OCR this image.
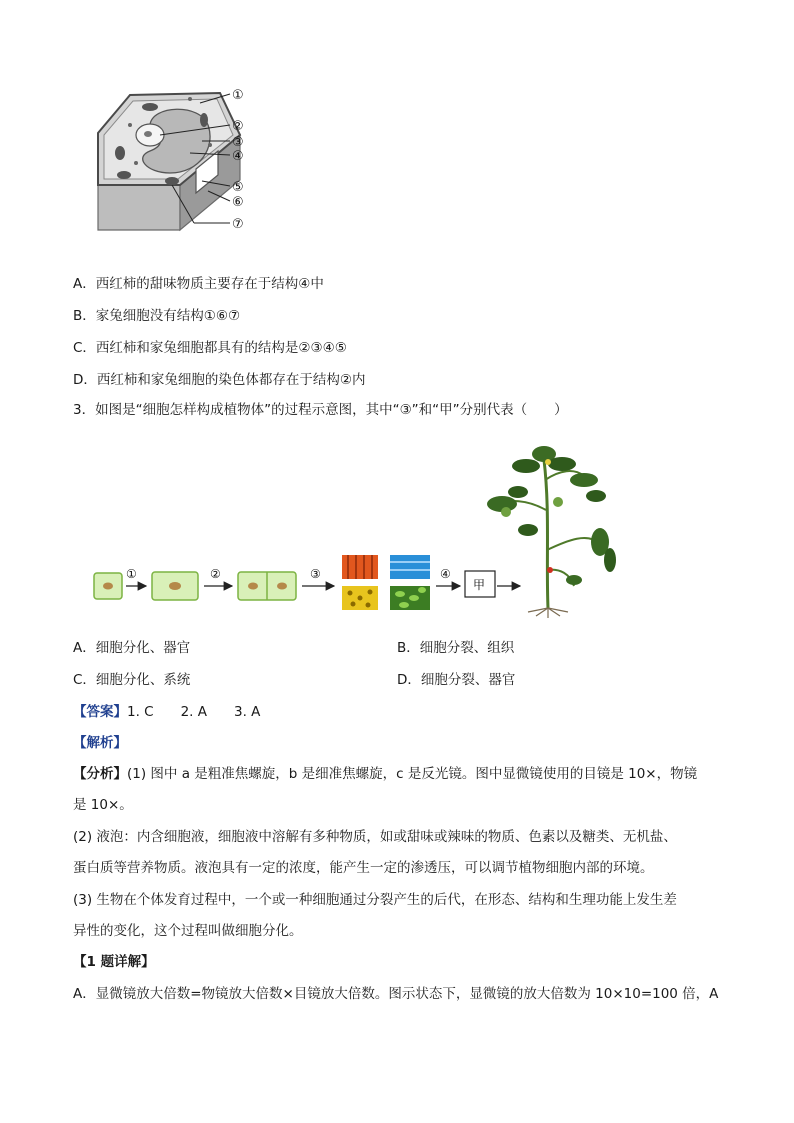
①
②
③
④
⑤
⑥
⑦
A．西红柿的甜味物质主要存在于结构④中
B．家兔细胞没有结构①⑥⑦
C．西红柿和家兔细胞都具有的结构是②③④⑤
D．西红柿和家兔细胞的染色体都存在于结构②内
3．如图是“细胞怎样构成植物体”的过程示意图，其中“③”和“甲”分别代表（　　）
①	②	③	④
甲
A．细胞分化、器官	B．细胞分裂、组织
C．细胞分化、系统	D．细胞分裂、器官
【答案】1. C　　2. A　　3. A
【解析】
【分析】(1) 图中 a 是粗准焦螺旋，b 是细准焦螺旋，c 是反光镜。图中显微镜使用的目镜是 10×，物镜
是 10×。
(2) 液泡：内含细胞液，细胞液中溶解有多种物质，如或甜味或辣味的物质、色素以及糖类、无机盐、
蛋白质等营养物质。液泡具有一定的浓度，能产生一定的渗透压，可以调节植物细胞内部的环境。
(3) 生物在个体发育过程中，一个或一种细胞通过分裂产生的后代，在形态、结构和生理功能上发生差
异性的变化，这个过程叫做细胞分化。
【1 题详解】
A．显微镜放大倍数=物镜放大倍数×目镜放大倍数。图示状态下，显微镜的放大倍数为 10×10=100 倍，A
